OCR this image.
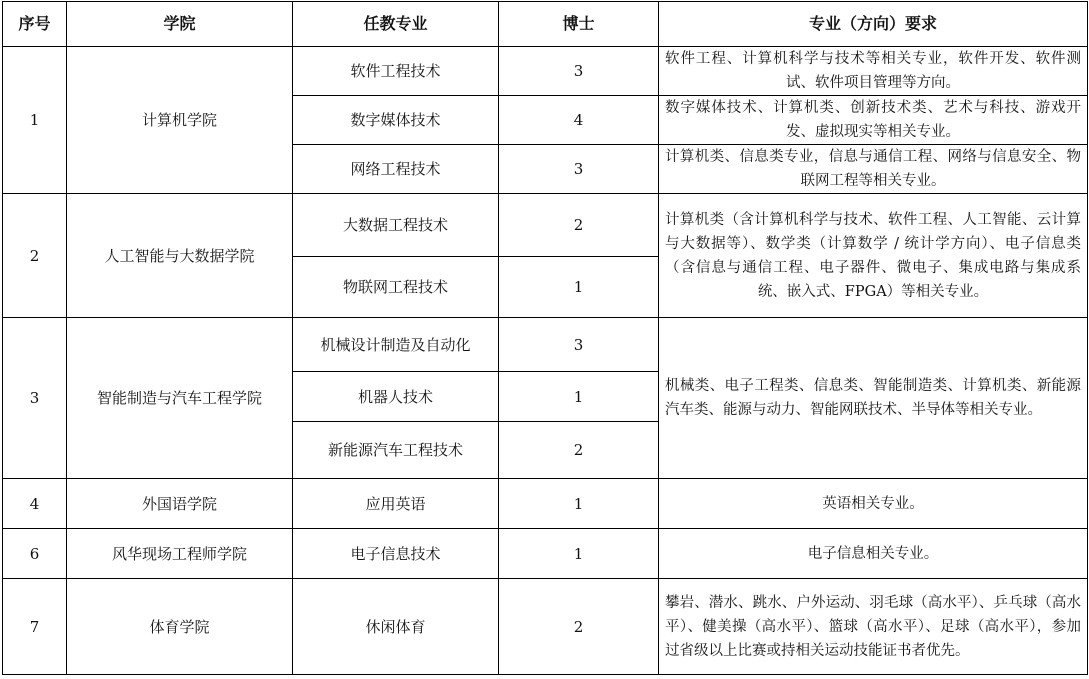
序号	学院	任教专业	博士	专业（方向）要求
1	计算机学院	软件工程技术	3	软件工程、计算机科学与技术等相关专业，软件开发、软件测试、软件项目管理等方向。
		数字媒体技术	4	数字媒体技术、计算机类、创新技术类、艺术与科技、游戏开发、虚拟现实等相关专业。
		网络工程技术	3	计算机类、信息类专业，信息与通信工程、网络与信息安全、物联网工程等相关专业。
2	人工智能与大数据学院	大数据工程技术	2	计算机类（含计算机科学与技术、软件工程、人工智能、云计算与大数据等）、数学类（计算数学 / 统计学方向）、电子信息类（含信息与通信工程、电子器件、微电子、集成电路与集成系统、嵌入式、FPGA）等相关专业。
		物联网工程技术	1	
3	智能制造与汽车工程学院	机械设计制造及自动化	3	机械类、电子工程类、信息类、智能制造类、计算机类、新能源汽车类、能源与动力、智能网联技术、半导体等相关专业。
		机器人技术	1	
		新能源汽车工程技术	2	
4	外国语学院	应用英语	1	英语相关专业。
6	风华现场工程师学院	电子信息技术	1	电子信息相关专业。
7	体育学院	休闲体育	2	攀岩、潜水、跳水、户外运动、羽毛球（高水平）、乒乓球（高水平）、健美操（高水平）、篮球（高水平）、足球（高水平），参加过省级以上比赛或持相关运动技能证书者优先。
